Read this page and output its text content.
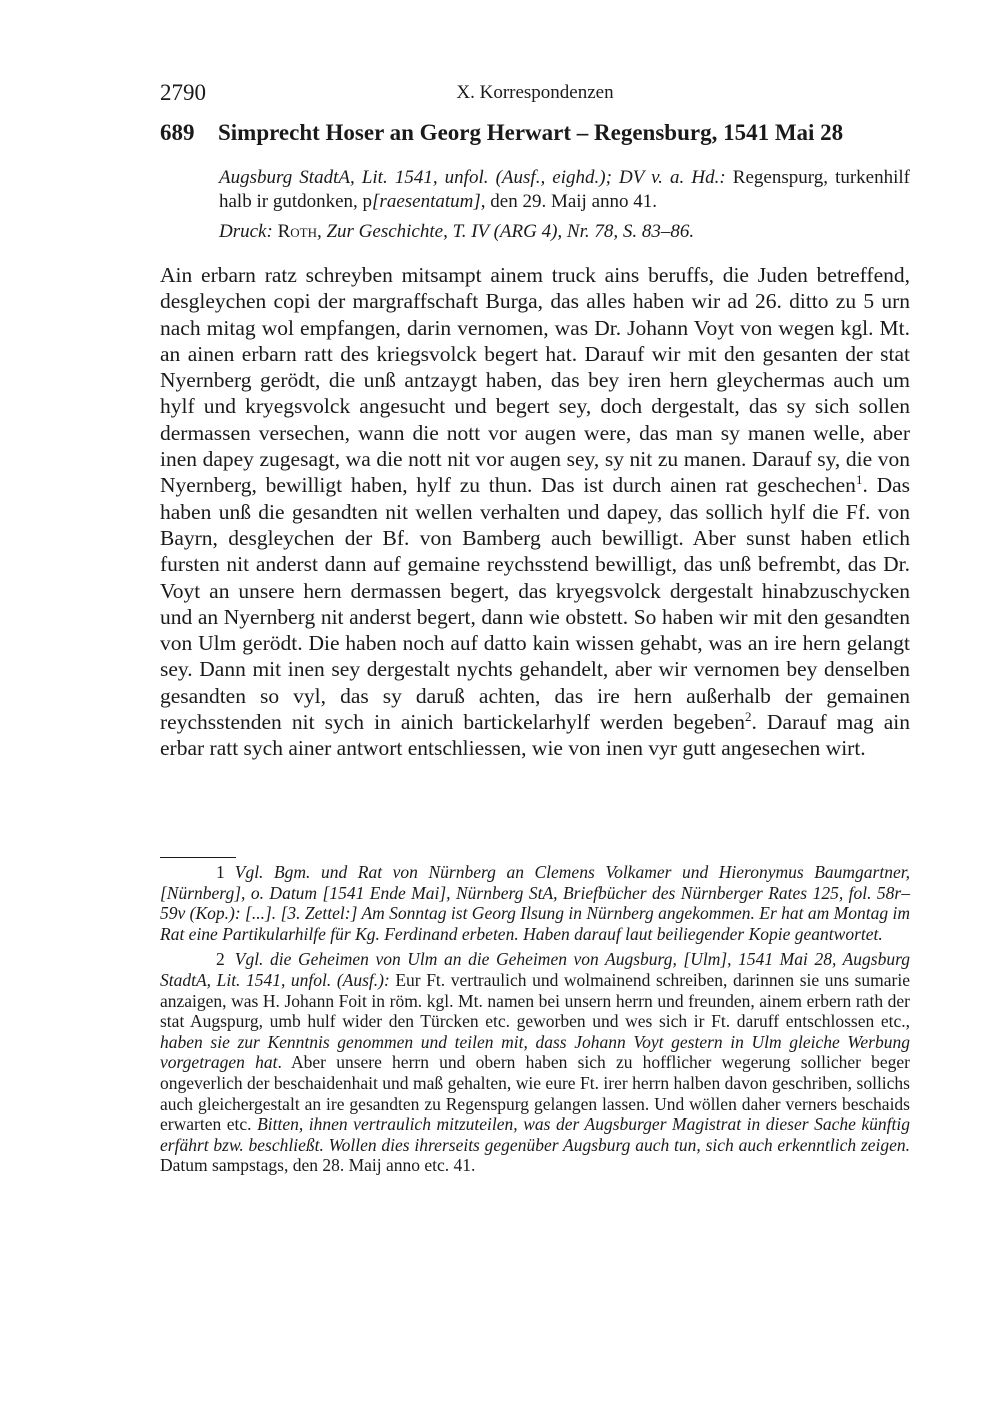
2790	X. Korrespondenzen
689 Simprecht Hoser an Georg Herwart – Regensburg, 1541 Mai 28

Augsburg StadtA, Lit. 1541, unfol. (Ausf., eighd.); DV v. a. Hd.: Regenspurg, turkenhilf halb ir gutdonken, p[raesentatum], den 29. Maij anno 41.

Druck: Roth, Zur Geschichte, T. IV (ARG 4), Nr. 78, S. 83–86.

Ain erbarn ratz schreyben mitsampt ainem truck ains beruffs, die Juden betreffend, desgleychen copi der margraffschaft Burga, das alles haben wir ad 26. ditto zu 5 urn nach mitag wol empfangen, darin vernomen, was Dr. Johann Voyt von wegen kgl. Mt. an ainen erbarn ratt des kriegsvolck begert hat. Darauf wir mit den gesanten der stat Nyernberg gerödt, die unß antzaygt haben, das bey iren hern gleychermas auch um hylf und kryegsvolck angesucht und begert sey, doch dergestalt, das sy sich sollen dermassen versechen, wann die nott vor augen were, das man sy manen welle, aber inen dapey zugesagt, wa die nott nit vor augen sey, sy nit zu manen. Darauf sy, die von Nyernberg, bewilligt haben, hylf zu thun. Das ist durch ainen rat geschechen$^1$. Das haben unß die gesandten nit wellen verhalten und dapey, das sollich hylf die Ff. von Bayrn, desgleychen der Bf. von Bamberg auch bewilligt. Aber sunst haben etlich fursten nit anderst dann auf gemaine reychsstend bewilligt, das unß befrembt, das Dr. Voyt an unsere hern dermassen begert, das kryegsvolck dergestalt hinabzuschycken und an Nyernberg nit anderst begert, dann wie obstett. So haben wir mit den gesandten von Ulm gerödt. Die haben noch auf datto kain wissen gehabt, was an ire hern gelangt sey. Dann mit inen sey dergestalt nychts gehandelt, aber wir vernomen bey denselben gesandten so vyl, das sy daruß achten, das ire hern außerhalb der gemainen reychsstenden nit sych in ainich bartickelarhylf werden begeben$^2$. Darauf mag ain erbar ratt sych ainer antwort entschliessen, wie von inen vyr gutt angesechen wirt.

1 Vgl. Bgm. und Rat von Nürnberg an Clemens Volkamer und Hieronymus Baumgartner, [Nürnberg], o. Datum [1541 Ende Mai], Nürnberg StA, Briefbücher des Nürnberger Rates 125, fol. 58r–59v (Kop.): [...]. [3. Zettel:] Am Sonntag ist Georg Ilsung in Nürnberg angekommen. Er hat am Montag im Rat eine Partikularhilfe für Kg. Ferdinand erbeten. Haben darauf laut beiliegender Kopie geantwortet.

2 Vgl. die Geheimen von Ulm an die Geheimen von Augsburg, [Ulm], 1541 Mai 28, Augsburg StadtA, Lit. 1541, unfol. (Ausf.): Eur Ft. vertraulich und wolmainend schreiben, darinnen sie uns sumarie anzaigen, was H. Johann Foit in röm. kgl. Mt. namen bei unsern herrn und freunden, ainem erbern rath der stat Augspurg, umb hulf wider den Türcken etc. geworben und wes sich ir Ft. daruff entschlossen etc., haben sie zur Kenntnis genommen und teilen mit, dass Johann Voyt gestern in Ulm gleiche Werbung vorgetragen hat. Aber unsere herrn und obern haben sich zu hofflicher wegerung sollicher beger ongeverlich der beschaidenhait und maß gehalten, wie eure Ft. irer herrn halben davon geschriben, sollichs auch gleichergestalt an ire gesandten zu Regenspurg gelangen lassen. Und wöllen daher verners beschaids erwarten etc. Bitten, ihnen vertraulich mitzuteilen, was der Augsburger Magistrat in dieser Sache künftig erfährt bzw. beschließt. Wollen dies ihrerseits gegenüber Augsburg auch tun, sich auch erkenntlich zeigen. Datum sampstags, den 28. Maij anno etc. 41.
